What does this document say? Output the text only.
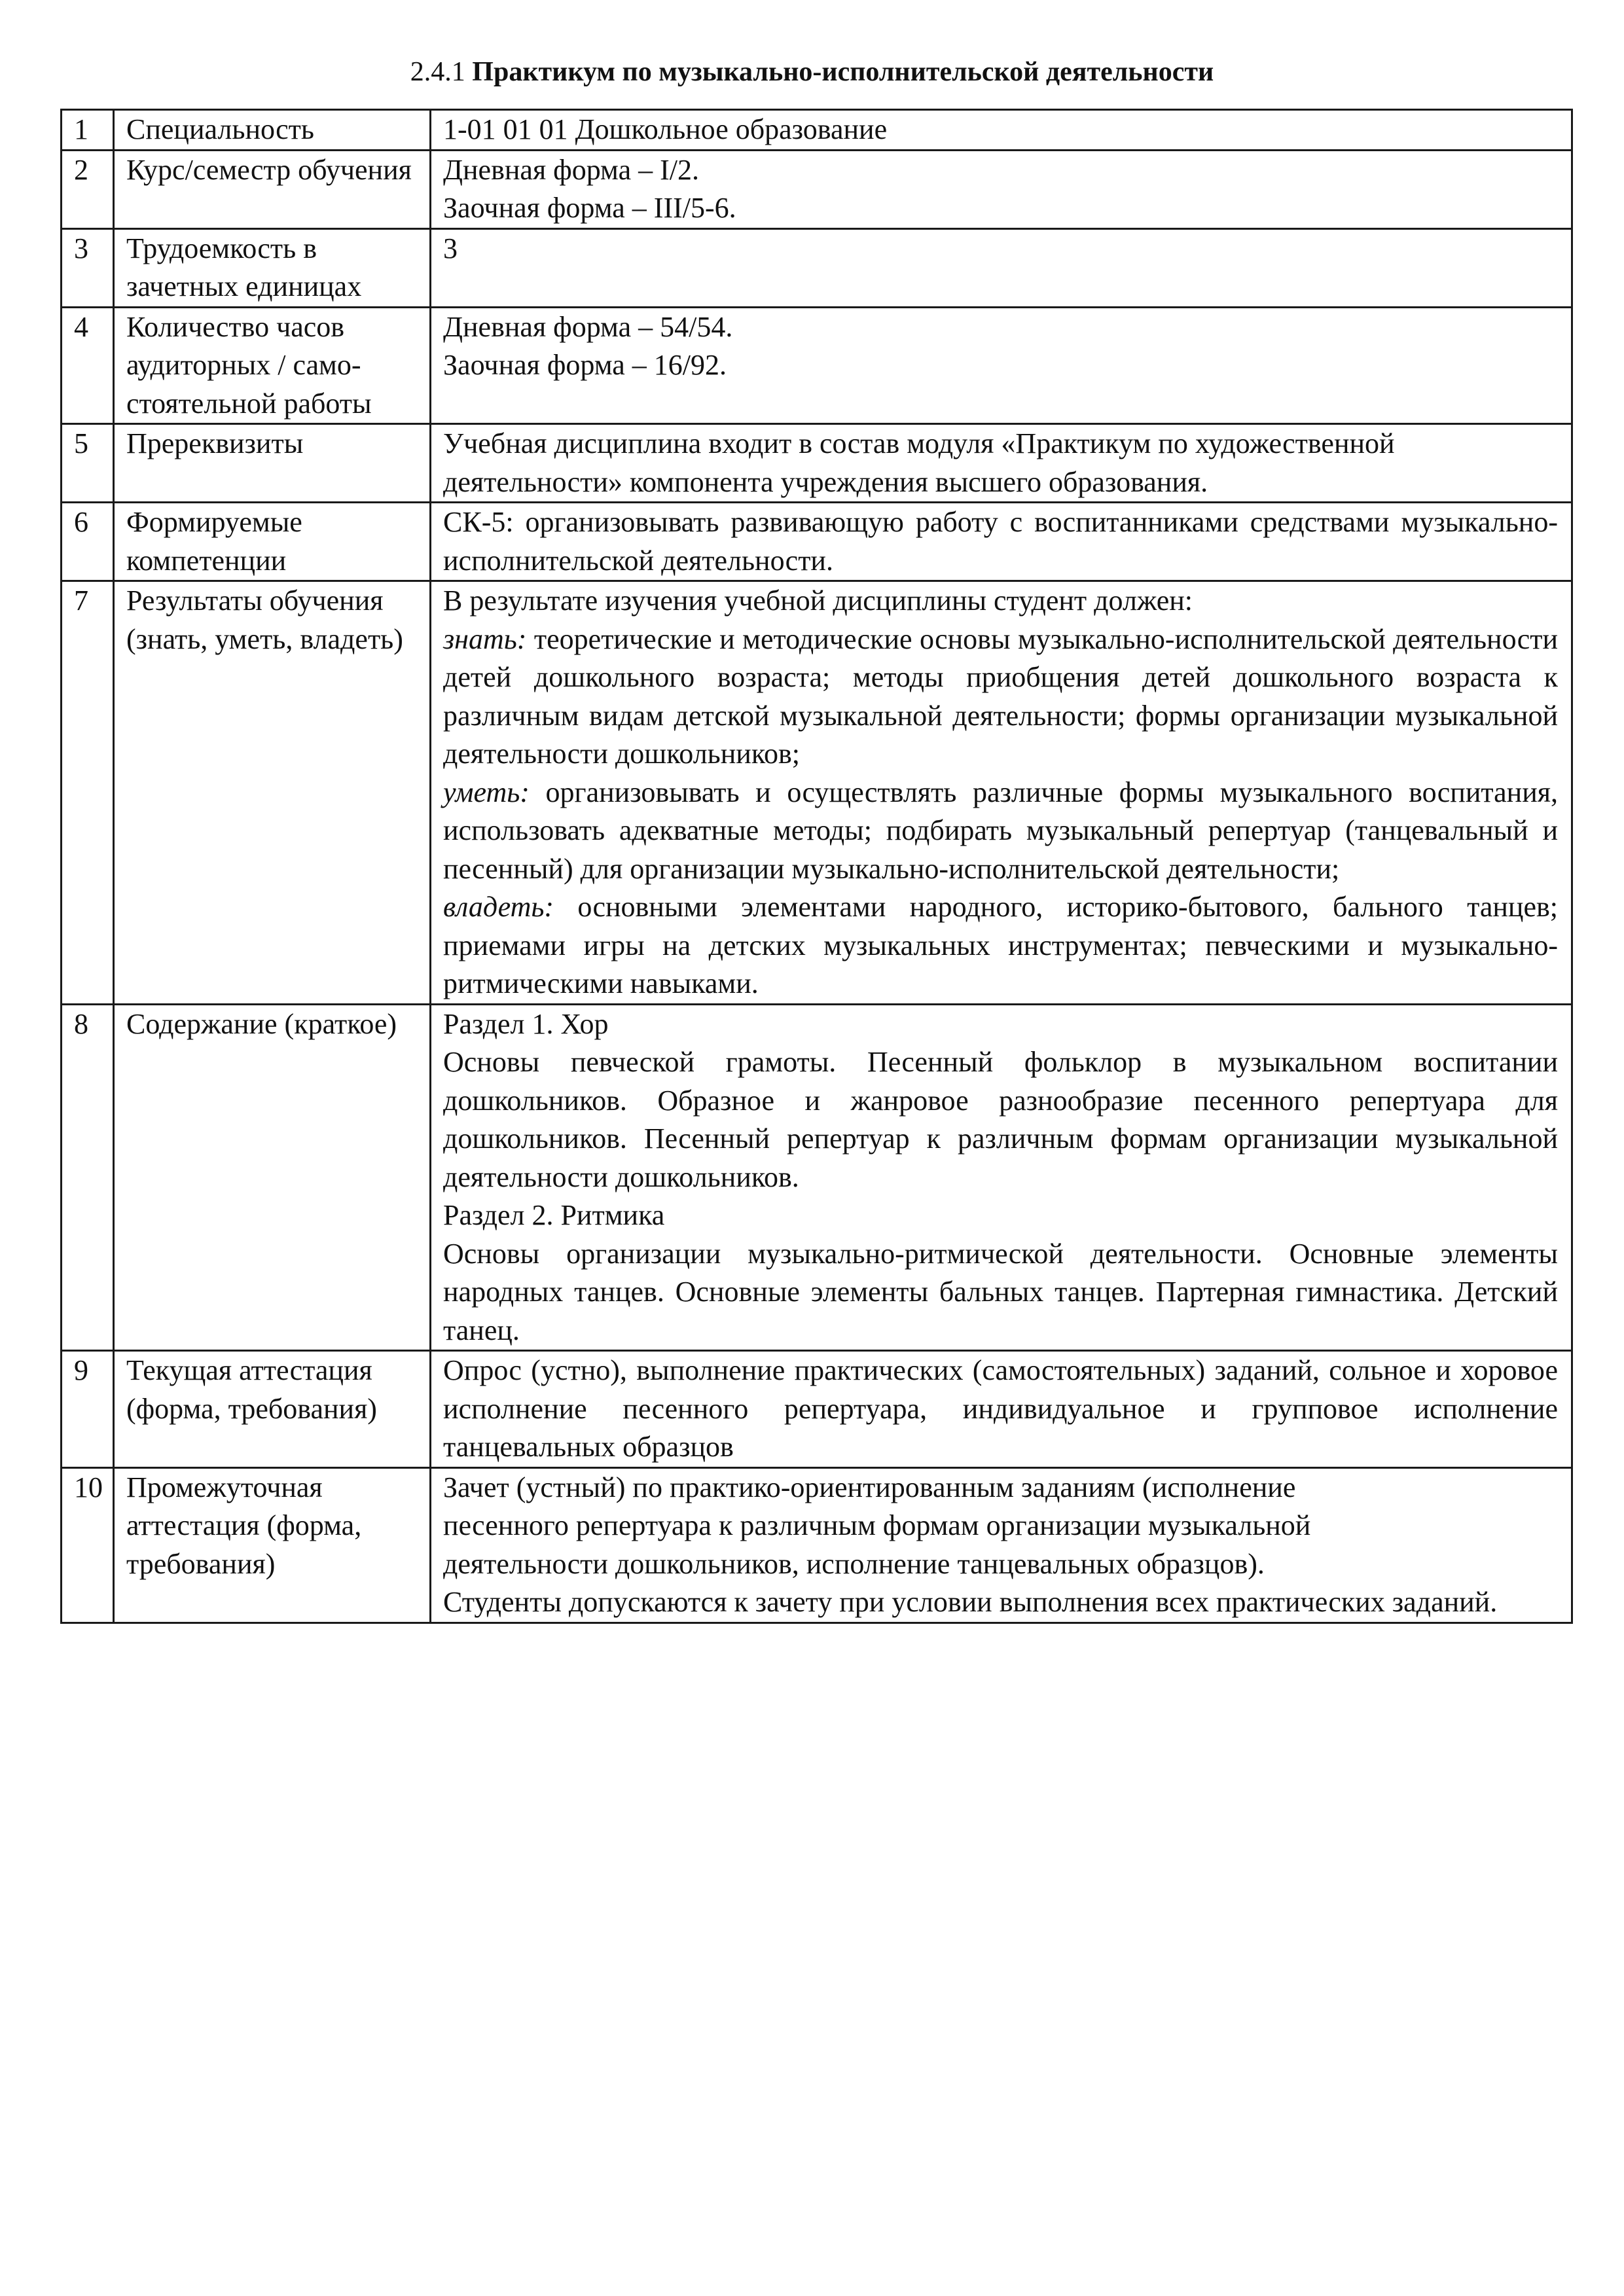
2.4.1 Практикум по музыкально-исполнительской деятельности
1	Специальность	1-01 01 01 Дошкольное образование
2	Курс/семестр обучения	Дневная форма – I/2.
Заочная форма – III/5-6.

3	Трудоемкость в зачетных единицах	3
4	Количество часов аудиторных / само-стоятельной работы	Дневная форма – 54/54.
Заочная форма – 16/92.

5	Пререквизиты	Учебная дисциплина входит в состав модуля «Практикум по художественной деятельности» компонента учреждения высшего образования.
6	Формируемые компетенции	СК-5: организовывать развивающую работу с воспитанниками средствами музыкально-исполнительской деятельности.
7	Результаты обучения (знать, уметь, владеть)	В результате изучения учебной дисциплины студент должен:
знать: теоретические и методические основы музыкально-исполнительской деятельности детей дошкольного возраста; методы приобщения детей дошкольного возраста к различным видам детской музыкальной деятельности; формы организации музыкальной деятельности дошкольников;
уметь: организовывать и осуществлять различные формы музыкального воспитания, использовать адекватные методы; подбирать музыкальный репертуар (танцевальный и песенный) для организации музыкально-исполнительской деятельности;
владеть: основными элементами народного, историко-бытового, бального танцев; приемами игры на детских музыкальных инструментах; певческими и музыкально-ритмическими навыками.

8	Содержание (краткое)	Раздел 1. Хор
Основы певческой грамоты. Песенный фольклор в музыкальном воспитании дошкольников. Образное и жанровое разнообразие песенного репертуара для дошкольников. Песенный репертуар к различным формам организации музыкальной деятельности дошкольников.
Раздел 2. Ритмика
Основы организации музыкально-ритмической деятельности. Основные элементы народных танцев. Основные элементы бальных танцев. Партерная гимнастика. Детский танец.

9	Текущая аттестация (форма, требования)	Опрос (устно), выполнение практических (самостоятельных) заданий, сольное и хоровое исполнение песенного репертуара, индивидуальное и групповое исполнение танцевальных образцов
10	Промежуточная аттестация (форма, требования)	Зачет (устный) по практико-ориентированным заданиям (исполнение
песенного репертуара к различным формам организации музыкальной
деятельности дошкольников, исполнение танцевальных образцов).
Студенты допускаются к зачету при условии выполнения всех практических заданий.
